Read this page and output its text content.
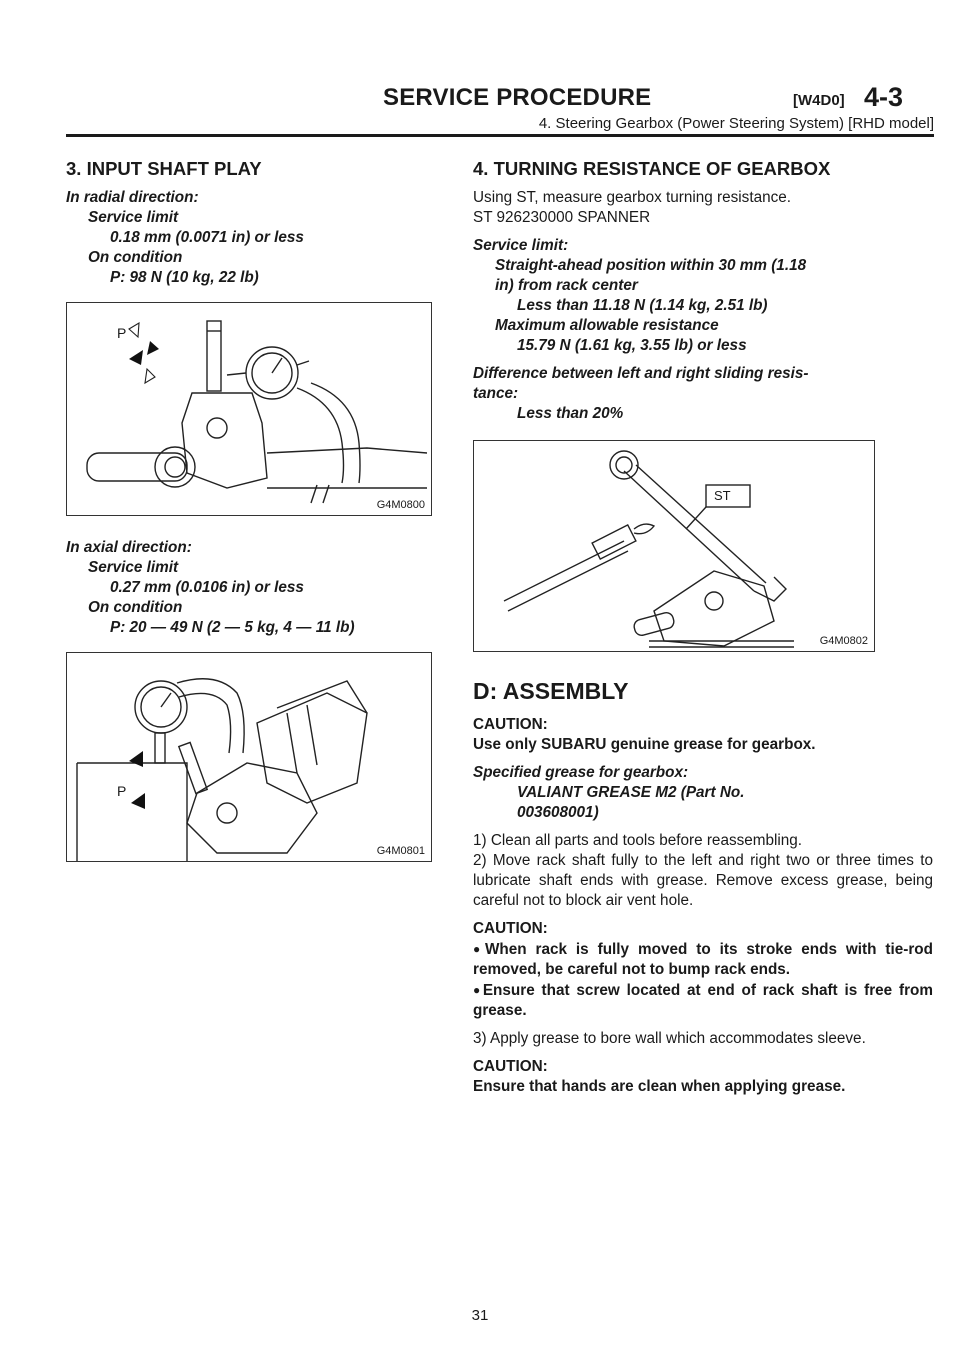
SERVICE PROCEDURE	[W4D0] 4-3
4. Steering Gearbox (Power Steering System) [RHD model]
3. INPUT SHAFT PLAY
In radial direction:
Service limit
0.18 mm (0.0071 in) or less
On condition
P: 98 N (10 kg, 22 lb)
P
G4M0800
In axial direction:
Service limit
0.27 mm (0.0106 in) or less
On condition
P: 20 — 49 N (2 — 5 kg, 4 — 11 lb)
P
G4M0801
4. TURNING RESISTANCE OF GEARBOX

Using ST, measure gearbox turning resistance.

ST 926230000 SPANNER

Service limit:
Straight-ahead position within 30 mm (1.18
in) from rack center
Less than 11.18 N (1.14 kg, 2.51 lb)
Maximum allowable resistance
15.79 N (1.61 kg, 3.55 lb) or less
Difference between left and right sliding resis-
tance:
Less than 20%
ST
G4M0802
D: ASSEMBLY

CAUTION:

Use only SUBARU genuine grease for gearbox.

Specified grease for gearbox:
VALIANT GREASE M2 (Part No.
003608001)

1) Clean all parts and tools before reassembling.

2) Move rack shaft fully to the left and right two or three times to lubricate shaft ends with grease. Remove excess grease, being careful not to block air vent hole.

CAUTION:

●When rack is fully moved to its stroke ends with tie-rod removed, be careful not to bump rack ends.

●Ensure that screw located at end of rack shaft is free from grease.

3) Apply grease to bore wall which accommodates sleeve.

CAUTION:

Ensure that hands are clean when applying grease.

31
